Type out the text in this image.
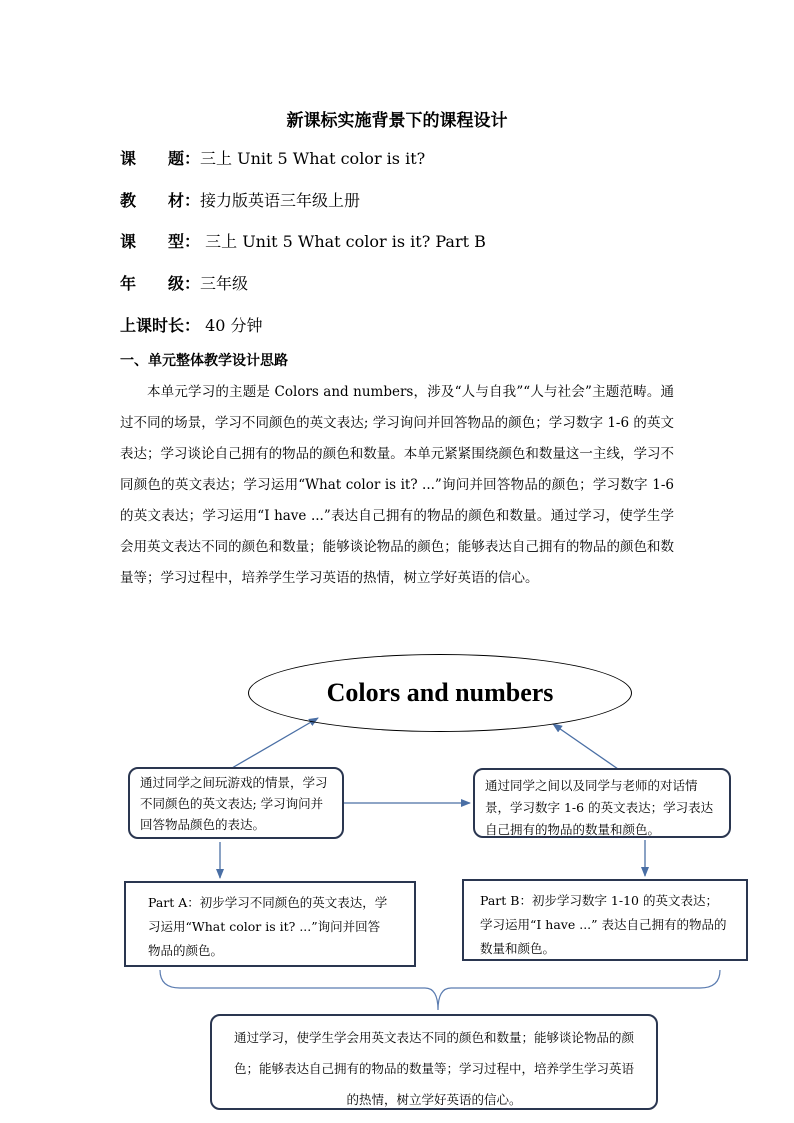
新课标实施背景下的课程设计
课　　题：三上 Unit 5 What color is it?
教　　材：接力版英语三年级上册
课　　型： 三上 Unit 5 What color is it? Part B
年　　级：三年级
上课时长： 40 分钟
一、单元整体教学设计思路

本单元学习的主题是 Colors and numbers，涉及“人与自我”“人与社会”主题范畴。通过不同的场景，学习不同颜色的英文表达; 学习询问并回答物品的颜色；学习数字 1-6 的英文表达；学习谈论自己拥有的物品的颜色和数量。本单元紧紧围绕颜色和数量这一主线，学习不同颜色的英文表达；学习运用“What color is it? ...”询问并回答物品的颜色；学习数字 1-6 的英文表达；学习运用“I have ...”表达自己拥有的物品的颜色和数量。通过学习，使学生学会用英文表达不同的颜色和数量；能够谈论物品的颜色；能够表达自己拥有的物品的颜色和数量等；学习过程中，培养学生学习英语的热情，树立学好英语的信心。

Colors and numbers
通过同学之间玩游戏的情景，学习不同颜色的英文表达; 学习询问并回答物品颜色的表达。
通过同学之间以及同学与老师的对话情景，学习数字 1-6 的英文表达；学习表达自己拥有的物品的数量和颜色。
Part A：初步学习不同颜色的英文表达，学习运用“What color is it? ...”询问并回答物品的颜色。
Part B：初步学习数字 1-10 的英文表达；学习运用“I have ...” 表达自己拥有的物品的数量和颜色。
通过学习，使学生学会用英文表达不同的颜色和数量；能够谈论物品的颜色；能够表达自己拥有的物品的数量等；学习过程中，培养学生学习英语的热情，树立学好英语的信心。
